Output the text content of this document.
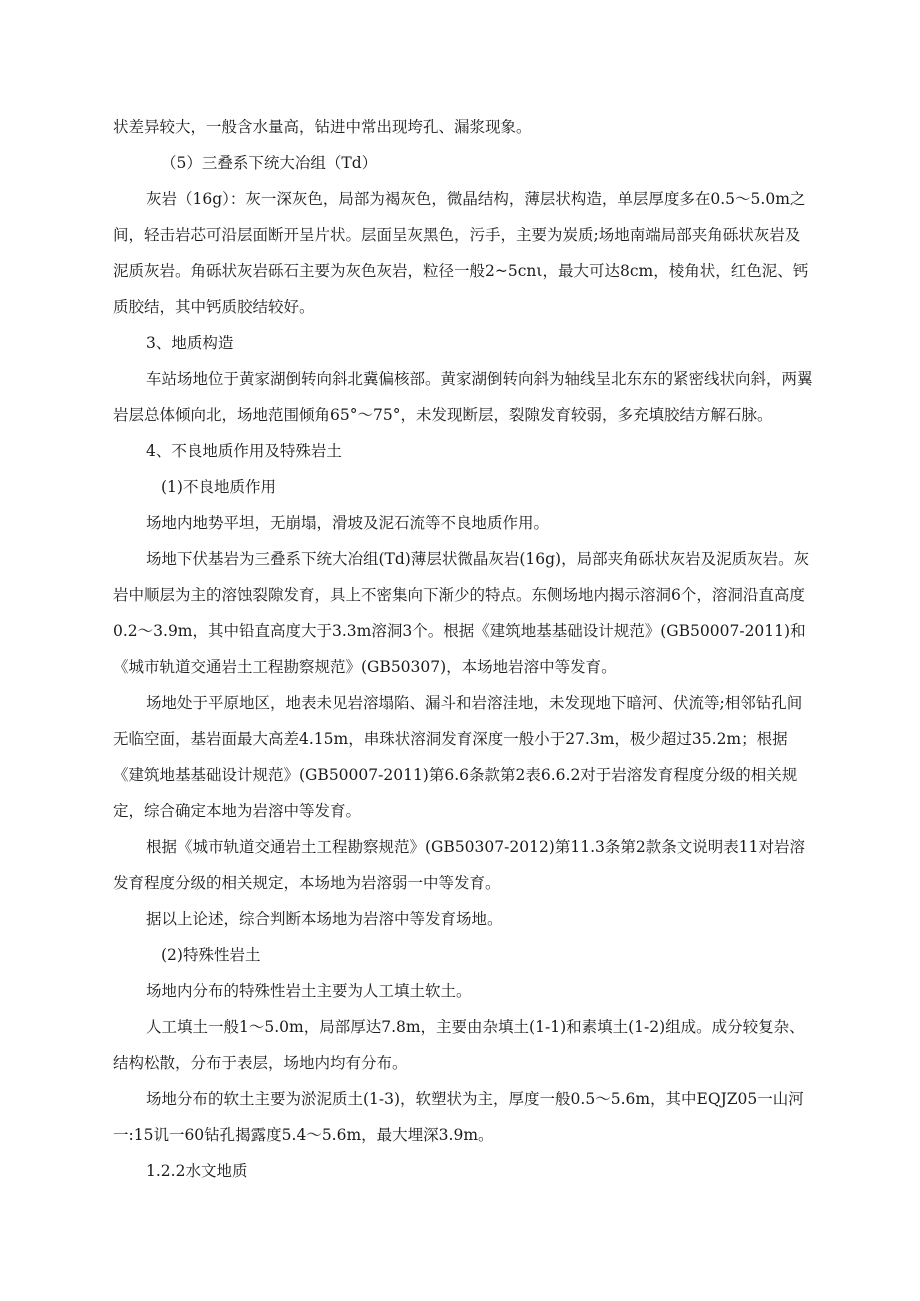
状差异较大，一般含水量高，钻进中常出现垮孔、漏浆现象。

（5）三叠系下统大冶组（Td）

灰岩（16g）：灰一深灰色，局部为褐灰色，微晶结构，薄层状构造，单层厚度多在0.5～5.0m之间，轻击岩芯可沿层面断开呈片状。层面呈灰黑色，污手，主要为炭质;场地南端局部夹角砾状灰岩及泥质灰岩。角砾状灰岩砾石主要为灰色灰岩，粒径一般2~5cnι，最大可达8cm，棱角状，红色泥、钙质胶结，其中钙质胶结较好。

3、地质构造

车站场地位于黄家湖倒转向斜北冀偏核部。黄家湖倒转向斜为轴线呈北东东的紧密线状向斜，两翼岩层总体倾向北，场地范围倾角65°～75°，未发现断层，裂隙发育较弱，多充填胶结方解石脉。

4、不良地质作用及特殊岩土

(1)不良地质作用

场地内地势平坦，无崩塌，滑坡及泥石流等不良地质作用。

场地下伏基岩为三叠系下统大冶组(Td)薄层状微晶灰岩(16g)，局部夹角砾状灰岩及泥质灰岩。灰岩中顺层为主的溶蚀裂隙发育，具上不密集向下渐少的特点。东侧场地内揭示溶洞6个，溶洞沿直高度0.2～3.9m，其中铅直高度大于3.3m溶洞3个。根据《建筑地基基础设计规范》(GB50007-2011)和《城市轨道交通岩土工程勘察规范》(GB50307)，本场地岩溶中等发育。

场地处于平原地区，地表未见岩溶塌陷、漏斗和岩溶洼地，未发现地下暗河、伏流等;相邻钻孔间无临空面，基岩面最大高差4.15m，串珠状溶洞发育深度一般小于27.3m，极少超过35.2m；根据《建筑地基基础设计规范》(GB50007-2011)第6.6条款第2表6.6.2对于岩溶发育程度分级的相关规定，综合确定本地为岩溶中等发育。

根据《城市轨道交通岩土工程勘察规范》(GB50307-2012)第11.3条第2款条文说明表11对岩溶发育程度分级的相关规定，本场地为岩溶弱一中等发育。

据以上论述，综合判断本场地为岩溶中等发育场地。

(2)特殊性岩土

场地内分布的特殊性岩土主要为人工填土软土。

人工填土一般1～5.0m，局部厚达7.8m，主要由杂填土(1-1)和素填土(1-2)组成。成分较复杂、结构松散，分布于表层，场地内均有分布。

场地分布的软土主要为淤泥质土(1-3)，软塑状为主，厚度一般0.5～5.6m，其中EQJZ05一山河一:15讥一60钻孔揭露度5.4～5.6m，最大埋深3.9m。

1.2.2水文地质
